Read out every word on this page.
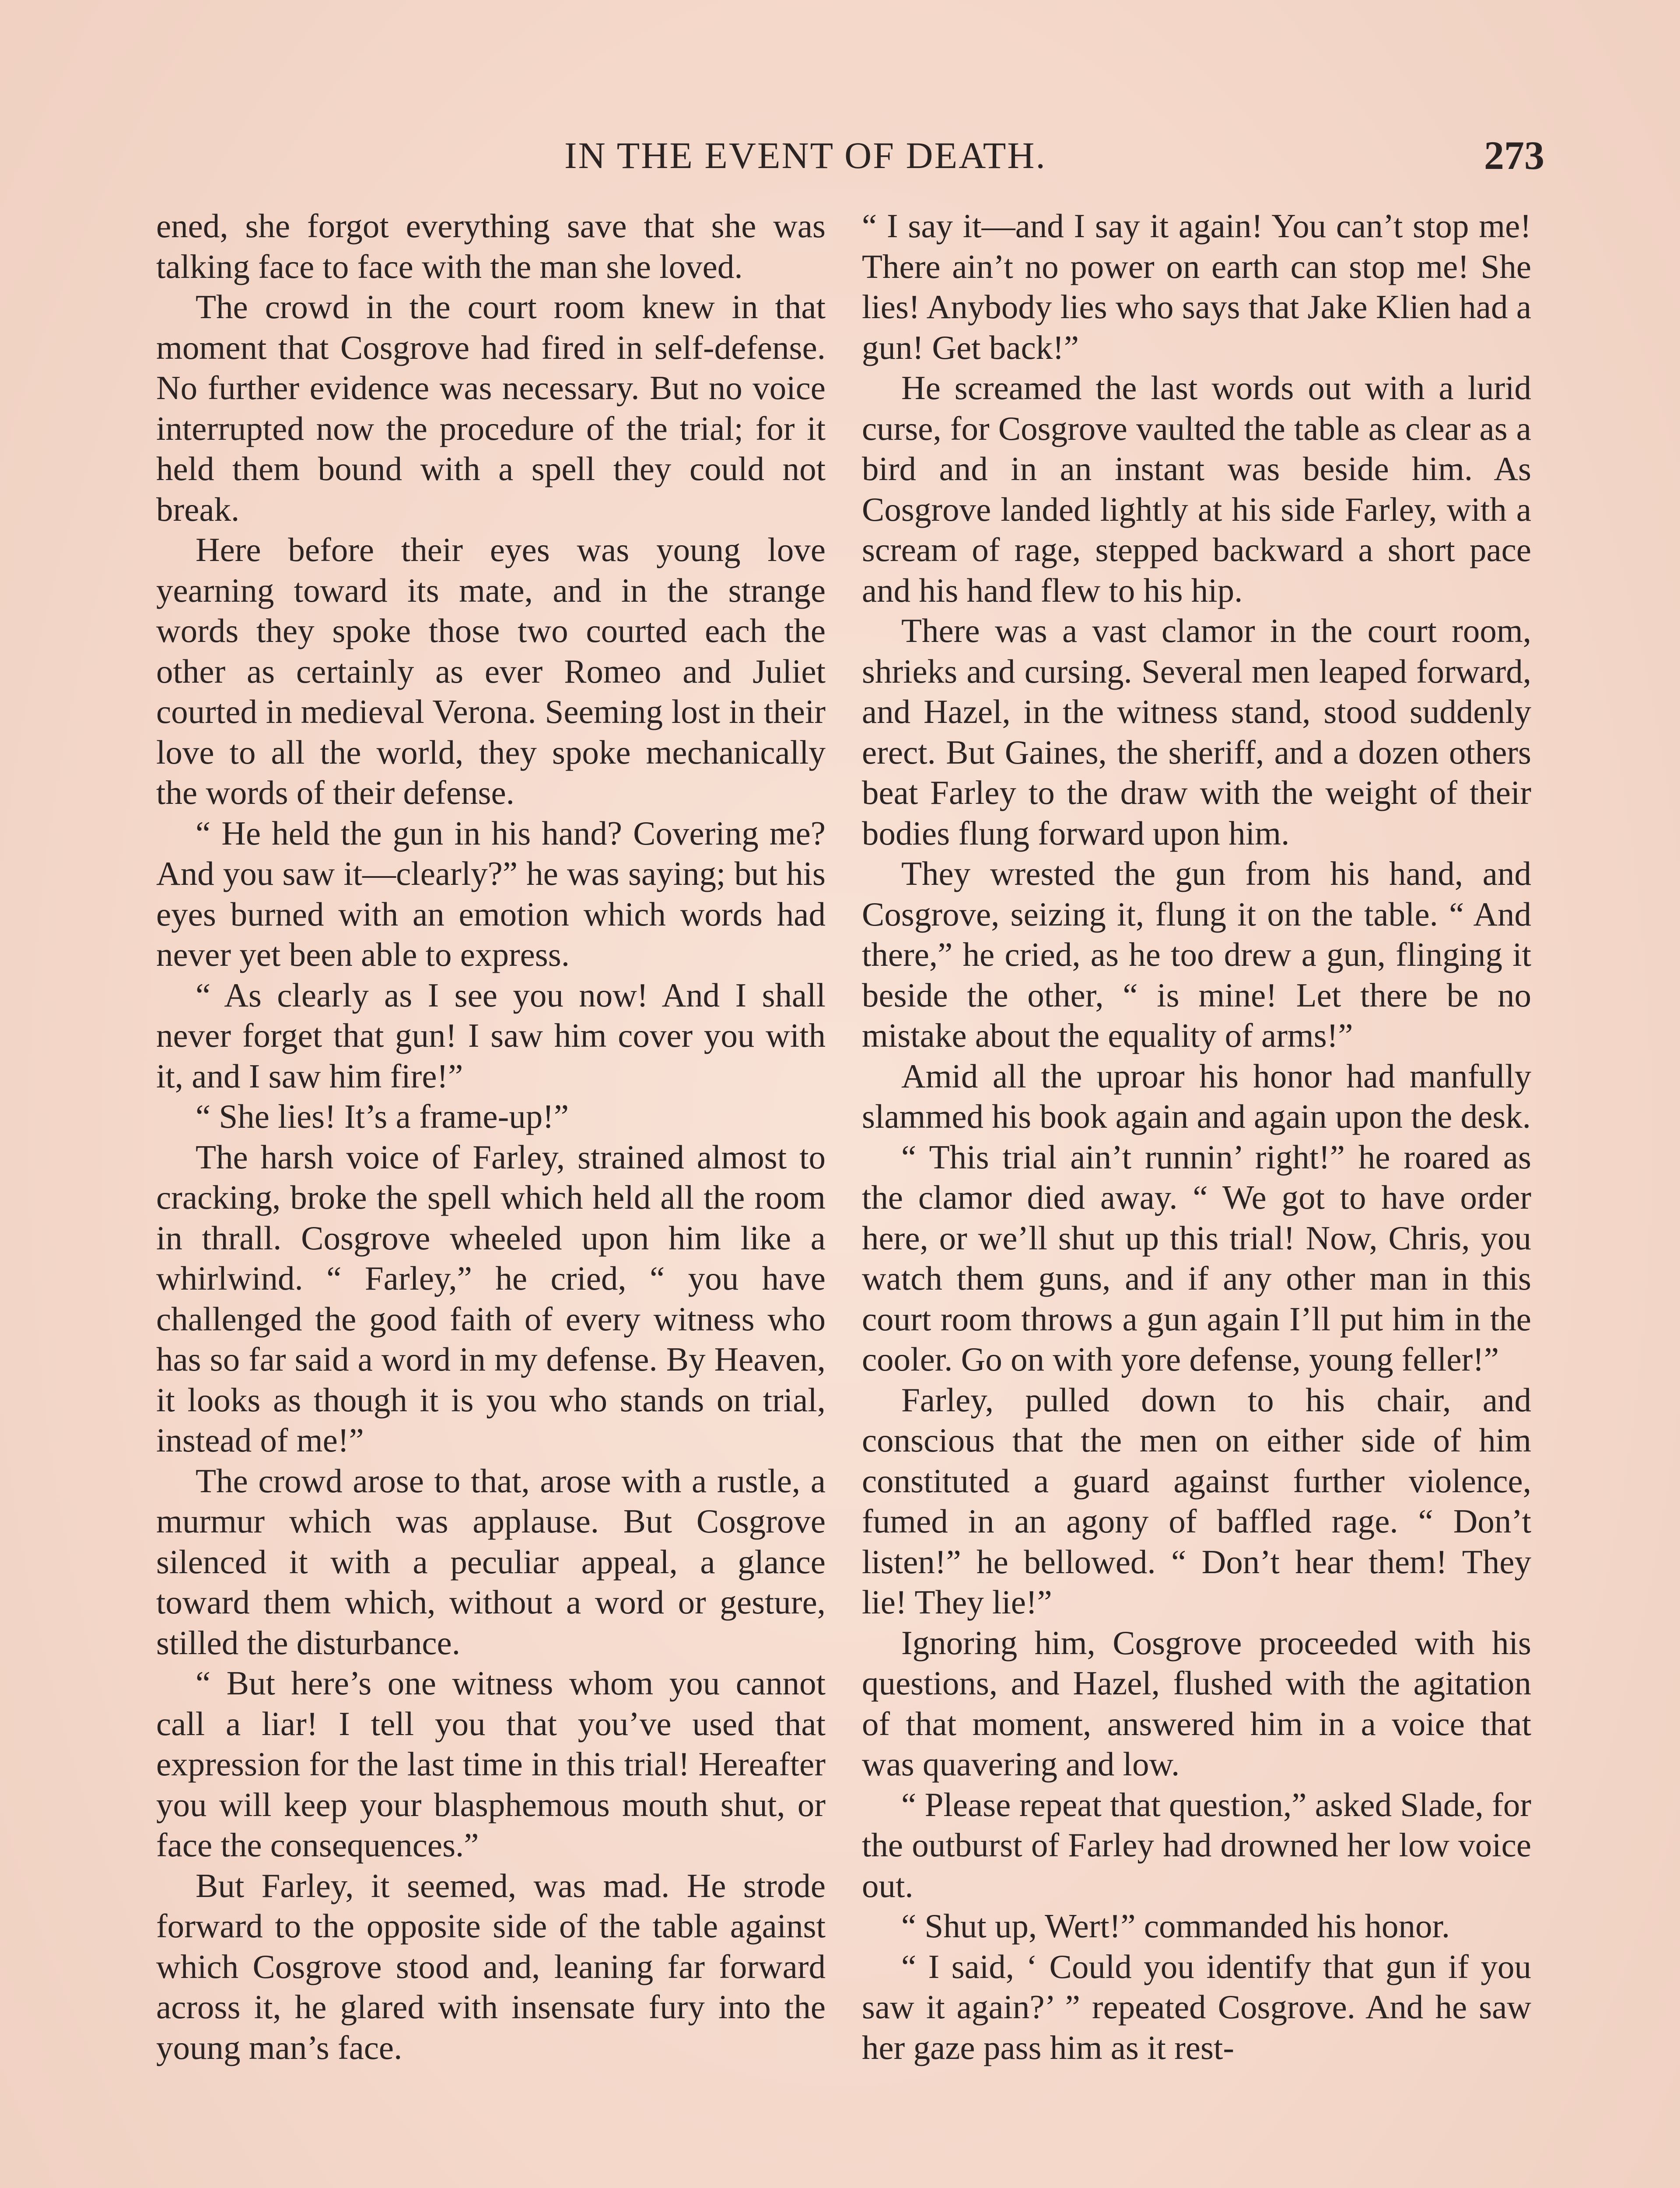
IN THE EVENT OF DEATH.	273

ened, she forgot everything save that she was talking face to face with the man she loved.

The crowd in the court room knew in that moment that Cosgrove had fired in self-defense. No further evidence was necessary. But no voice interrupted now the procedure of the trial; for it held them bound with a spell they could not break.

Here before their eyes was young love yearning toward its mate, and in the strange words they spoke those two courted each the other as certainly as ever Romeo and Juliet courted in medieval Verona. Seeming lost in their love to all the world, they spoke mechanically the words of their defense.

“ He held the gun in his hand? Covering me? And you saw it—clearly?” he was saying; but his eyes burned with an emotion which words had never yet been able to express.

“ As clearly as I see you now! And I shall never forget that gun! I saw him cover you with it, and I saw him fire!”

“ She lies! It’s a frame-up!”

The harsh voice of Farley, strained almost to cracking, broke the spell which held all the room in thrall. Cosgrove wheeled upon him like a whirlwind. “ Farley,” he cried, “ you have challenged the good faith of every witness who has so far said a word in my defense. By Heaven, it looks as though it is you who stands on trial, instead of me!”

The crowd arose to that, arose with a rustle, a murmur which was applause. But Cosgrove silenced it with a peculiar appeal, a glance toward them which, without a word or gesture, stilled the disturbance.

“ But here’s one witness whom you cannot call a liar! I tell you that you’ve used that expression for the last time in this trial! Hereafter you will keep your blasphemous mouth shut, or face the consequences.”

But Farley, it seemed, was mad. He strode forward to the opposite side of the table against which Cosgrove stood and, leaning far forward across it, he glared with insensate fury into the young man’s face.

“ I say it—and I say it again! You can’t stop me! There ain’t no power on earth can stop me! She lies! Anybody lies who says that Jake Klien had a gun! Get back!”

He screamed the last words out with a lurid curse, for Cosgrove vaulted the table as clear as a bird and in an instant was beside him. As Cosgrove landed lightly at his side Farley, with a scream of rage, stepped backward a short pace and his hand flew to his hip.

There was a vast clamor in the court room, shrieks and cursing. Several men leaped forward, and Hazel, in the witness stand, stood suddenly erect. But Gaines, the sheriff, and a dozen others beat Farley to the draw with the weight of their bodies flung forward upon him.

They wrested the gun from his hand, and Cosgrove, seizing it, flung it on the table. “ And there,” he cried, as he too drew a gun, flinging it beside the other, “ is mine! Let there be no mistake about the equality of arms!”

Amid all the uproar his honor had manfully slammed his book again and again upon the desk.

“ This trial ain’t runnin’ right!” he roared as the clamor died away. “ We got to have order here, or we’ll shut up this trial! Now, Chris, you watch them guns, and if any other man in this court room throws a gun again I’ll put him in the cooler. Go on with yore defense, young feller!”

Farley, pulled down to his chair, and conscious that the men on either side of him constituted a guard against further violence, fumed in an agony of baffled rage. “ Don’t listen!” he bellowed. “ Don’t hear them! They lie! They lie!”

Ignoring him, Cosgrove proceeded with his questions, and Hazel, flushed with the agitation of that moment, answered him in a voice that was quavering and low.

“ Please repeat that question,” asked Slade, for the outburst of Farley had drowned her low voice out.

“ Shut up, Wert!” commanded his honor.

“ I said, ‘ Could you identify that gun if you saw it again?’ ” repeated Cosgrove. And he saw her gaze pass him as it rest-
